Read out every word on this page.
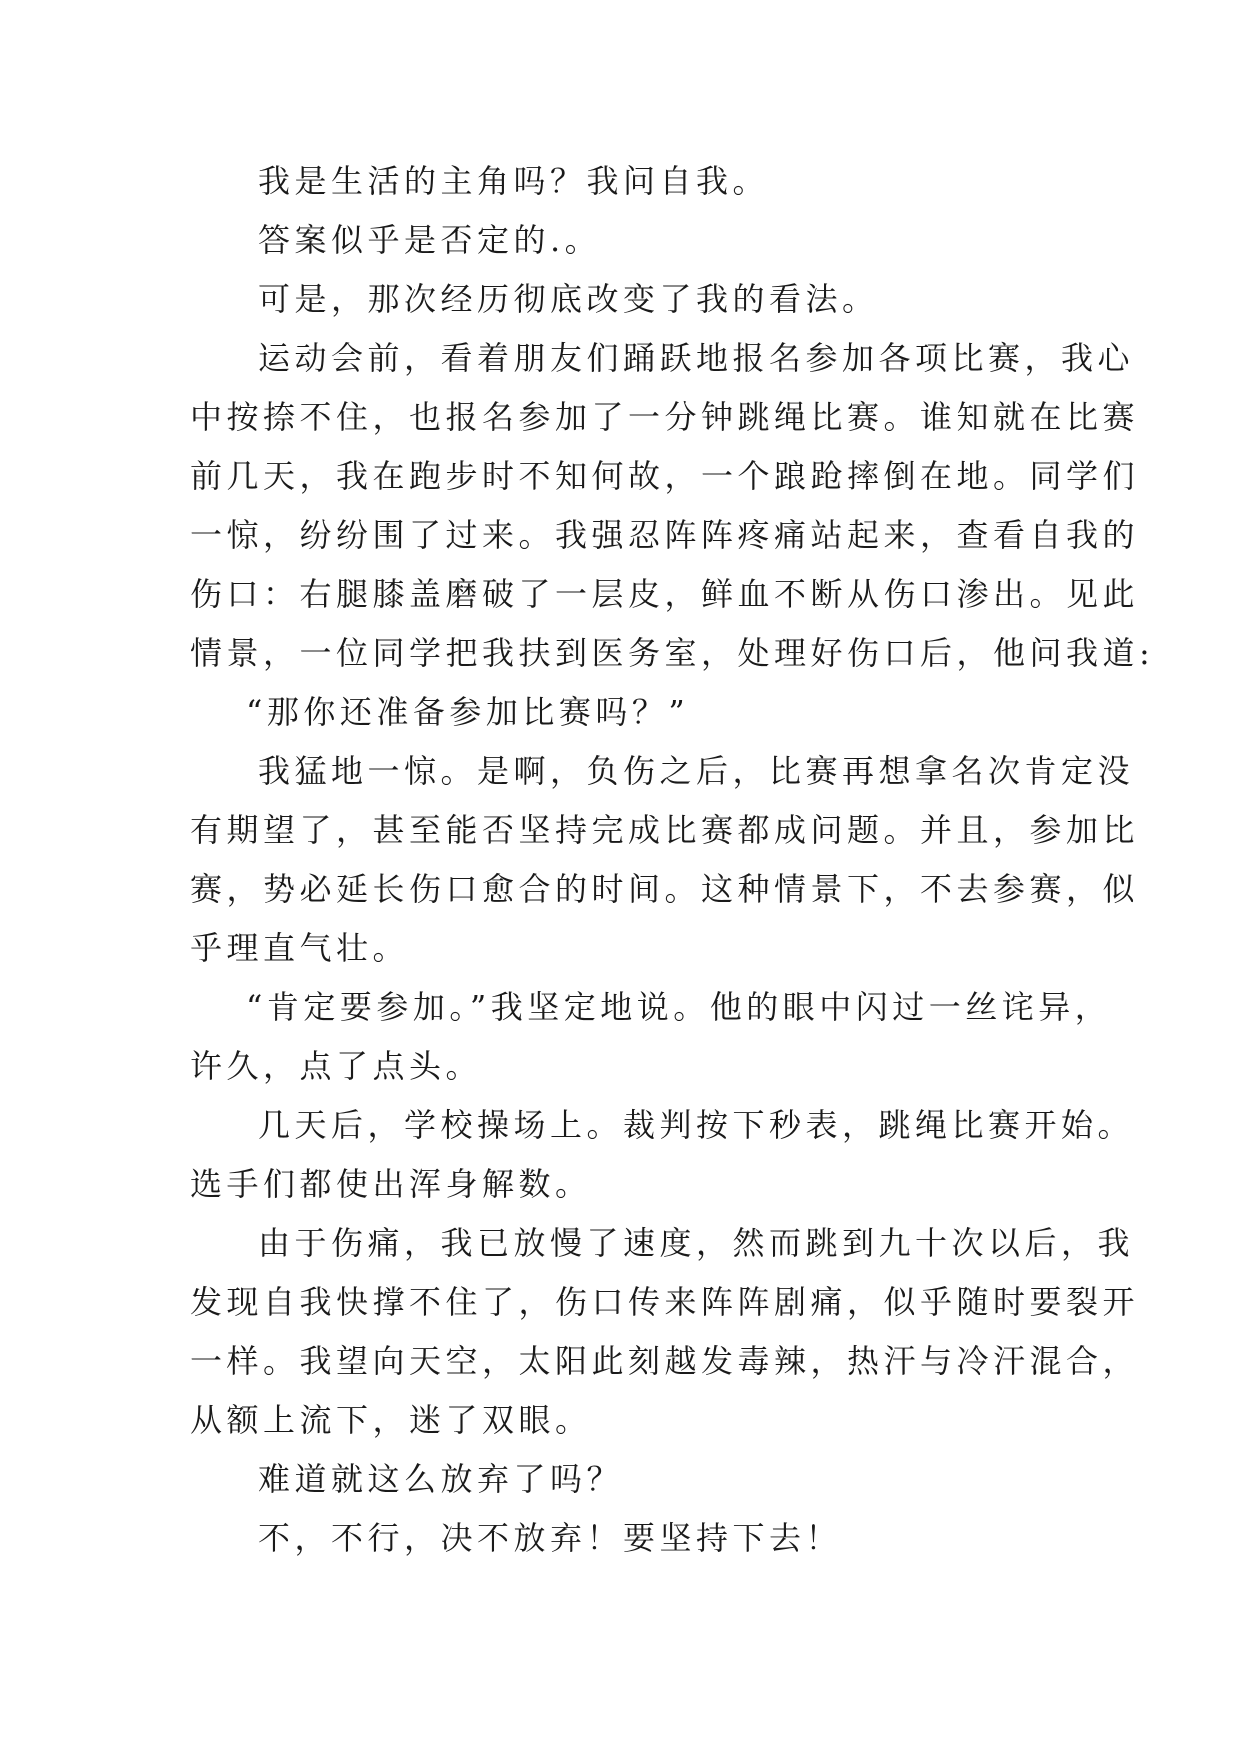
我是生活的主角吗？我问自我。
答案似乎是否定的.。
可是，那次经历彻底改变了我的看法。
运动会前，看着朋友们踊跃地报名参加各项比赛，我心
中按捺不住，也报名参加了一分钟跳绳比赛。谁知就在比赛
前几天，我在跑步时不知何故，一个踉跄摔倒在地。同学们
一惊，纷纷围了过来。我强忍阵阵疼痛站起来，查看自我的
伤口：右腿膝盖磨破了一层皮，鲜血不断从伤口渗出。见此
情景，一位同学把我扶到医务室，处理好伤口后，他问我道:
“那你还准备参加比赛吗？”
我猛地一惊。是啊，负伤之后，比赛再想拿名次肯定没
有期望了，甚至能否坚持完成比赛都成问题。并且，参加比
赛，势必延长伤口愈合的时间。这种情景下，不去参赛，似
乎理直气壮。
“肯定要参加。”我坚定地说。他的眼中闪过一丝诧异，
许久，点了点头。
几天后，学校操场上。裁判按下秒表，跳绳比赛开始。
选手们都使出浑身解数。
由于伤痛，我已放慢了速度，然而跳到九十次以后，我
发现自我快撑不住了，伤口传来阵阵剧痛，似乎随时要裂开
一样。我望向天空，太阳此刻越发毒辣，热汗与冷汗混合，
从额上流下，迷了双眼。
难道就这么放弃了吗？
不，不行，决不放弃！要坚持下去！
